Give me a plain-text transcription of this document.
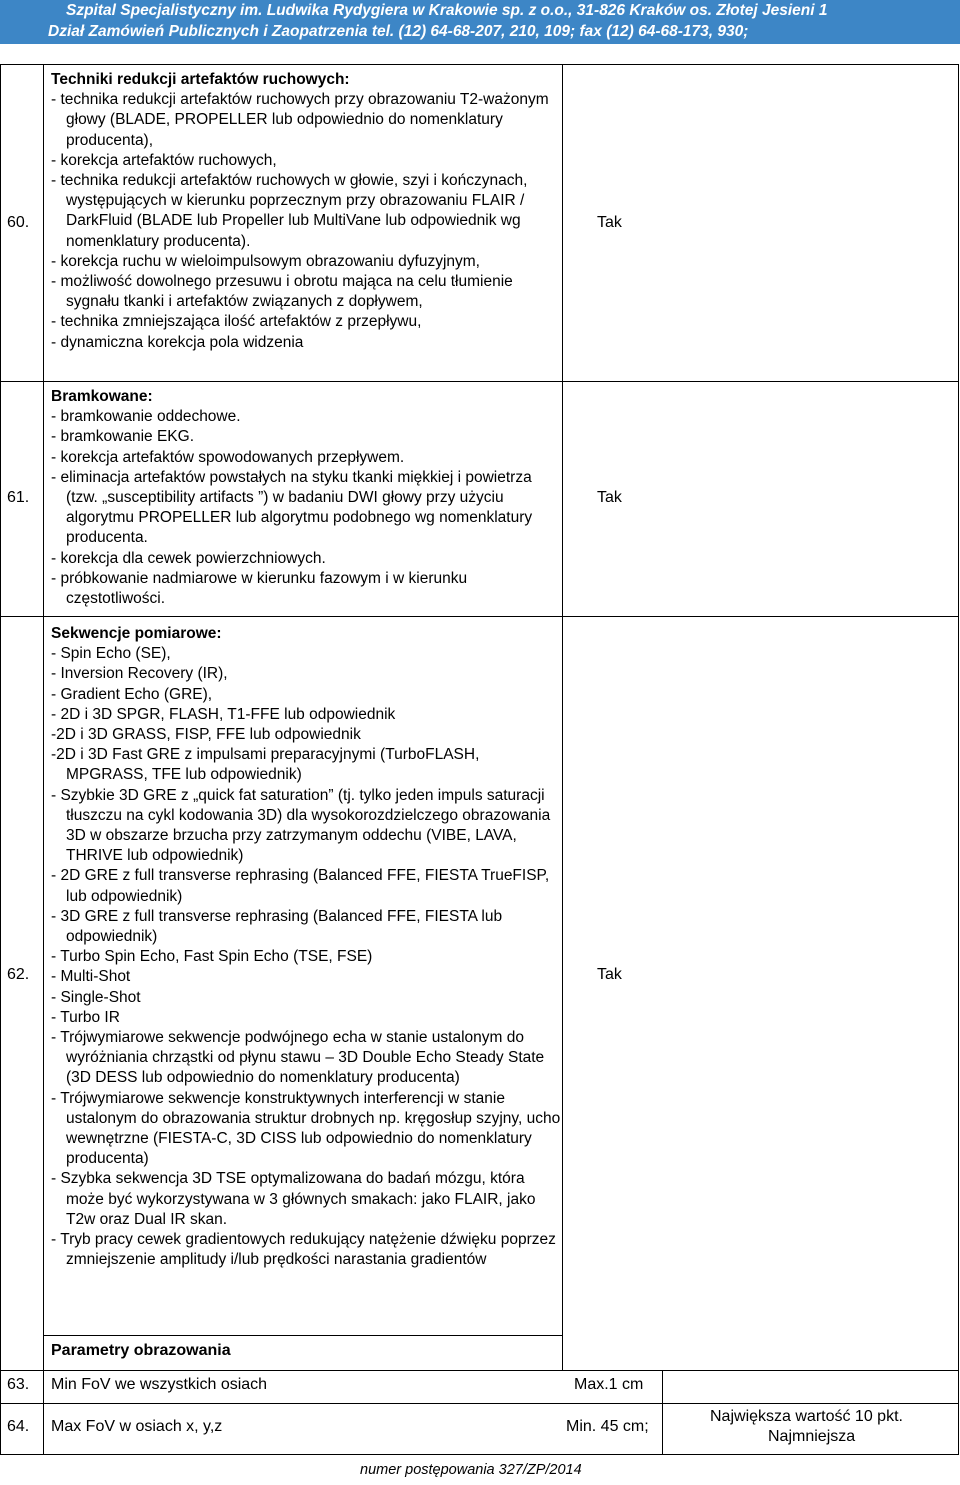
Szpital Specjalistyczny im. Ludwika Rydygiera w Krakowie sp. z o.o., 31-826 Kraków os. Złotej Jesieni 1
Dział Zamówień Publicznych i Zaopatrzenia tel. (12) 64-68-207, 210, 109; fax (12) 64-68-173, 930;
60.

Techniki redukcji artefaktów ruchowych:

- technika redukcji artefaktów ruchowych przy obrazowaniu T2-ważonym głowy (BLADE, PROPELLER lub odpowiednio do nomenklatury producenta),

- korekcja artefaktów ruchowych,

- technika redukcji artefaktów ruchowych w głowie, szyi i kończynach, występujących w kierunku poprzecznym przy obrazowaniu FLAIR / DarkFluid (BLADE lub Propeller lub MultiVane lub odpowiednik wg nomenklatury producenta).

- korekcja ruchu w wieloimpulsowym obrazowaniu dyfuzyjnym,

- możliwość dowolnego przesuwu i obrotu mająca na celu tłumienie sygnału tkanki i artefaktów związanych z dopływem,

- technika zmniejszająca ilość artefaktów z przepływu,

- dynamiczna korekcja pola widzenia

Tak
61.

Bramkowane:

- bramkowanie oddechowe.

- bramkowanie EKG.

- korekcja artefaktów spowodowanych przepływem.

- eliminacja artefaktów powstałych na styku tkanki miękkiej i powietrza (tzw. „susceptibility artifacts ”) w badaniu DWI głowy przy użyciu algorytmu PROPELLER lub algorytmu podobnego wg nomenklatury producenta.

- korekcja dla cewek powierzchniowych.

- próbkowanie nadmiarowe w kierunku fazowym i w kierunku częstotliwości.

Tak
62.

Sekwencje pomiarowe:

- Spin Echo (SE),

- Inversion Recovery (IR),

- Gradient Echo (GRE),

- 2D i 3D SPGR, FLASH, T1-FFE lub odpowiednik

-2D i 3D GRASS, FISP, FFE lub odpowiednik

-2D i 3D Fast GRE z impulsami preparacyjnymi (TurboFLASH, MPGRASS, TFE lub odpowiednik)

- Szybkie 3D GRE z „quick fat saturation” (tj. tylko jeden impuls saturacji tłuszczu na cykl kodowania 3D) dla wysokorozdzielczego obrazowania 3D w obszarze brzucha przy zatrzymanym oddechu (VIBE, LAVA, THRIVE lub odpowiednik)

- 2D GRE z full transverse rephrasing (Balanced FFE, FIESTA TrueFISP, lub odpowiednik)

- 3D GRE z full transverse rephrasing (Balanced FFE, FIESTA lub odpowiednik)

- Turbo Spin Echo, Fast Spin Echo (TSE, FSE)

- Multi-Shot

- Single-Shot

- Turbo IR

- Trójwymiarowe sekwencje podwójnego echa w stanie ustalonym do wyróżniania chrząstki od płynu stawu – 3D Double Echo Steady State (3D DESS lub odpowiednio do nomenklatury producenta)

- Trójwymiarowe sekwencje konstruktywnych interferencji w stanie ustalonym do obrazowania struktur drobnych np. kręgosłup szyjny, ucho wewnętrzne (FIESTA-C, 3D CISS lub odpowiednio do nomenklatury producenta)

- Szybka sekwencja 3D TSE optymalizowana do badań mózgu, która może być wykorzystywana w 3 głównych smakach: jako FLAIR, jako T2w oraz Dual IR skan.

- Tryb pracy cewek gradientowych redukujący natężenie dźwięku poprzez zmniejszenie amplitudy i/lub prędkości narastania gradientów

Tak
Parametry obrazowania
63. Min FoV we wszystkich osiach	Max.1 cm
64. Max FoV w osiach x, y,z	Min. 45 cm;
Największa wartość 10 pkt.
Najmniejsza
numer postępowania 327/ZP/2014
